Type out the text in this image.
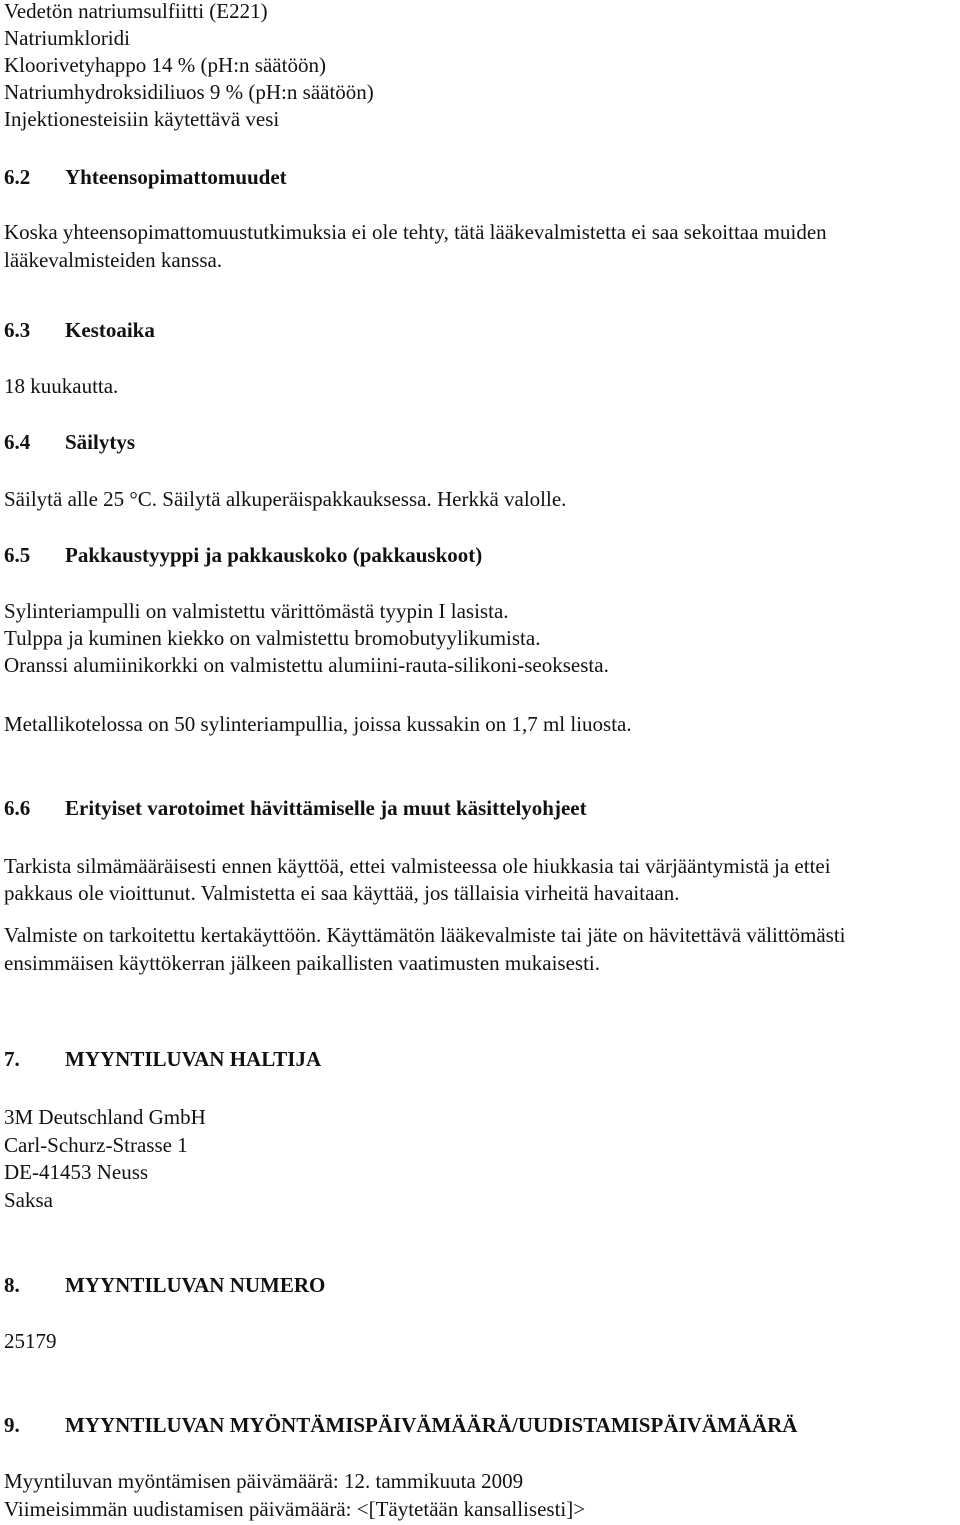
Vedetön natriumsulfiitti (E221)
Natriumkloridi
Kloorivetyhappo 14 % (pH:n säätöön)
Natriumhydroksidiliuos 9 % (pH:n säätöön)
Injektionesteisiin käytettävä vesi
6.2 Yhteensopimattomuudet
Koska yhteensopimattomuustutkimuksia ei ole tehty, tätä lääkevalmistetta ei saa sekoittaa muiden
lääkevalmisteiden kanssa.
6.3 Kestoaika
18 kuukautta.
6.4 Säilytys
Säilytä alle 25 °C. Säilytä alkuperäispakkauksessa. Herkkä valolle.
6.5 Pakkaustyyppi ja pakkauskoko (pakkauskoot)
Sylinteriampulli on valmistettu värittömästä tyypin I lasista.
Tulppa ja kuminen kiekko on valmistettu bromobutyylikumista.
Oranssi alumiinikorkki on valmistettu alumiini-rauta-silikoni-seoksesta.
Metallikotelossa on 50 sylinteriampullia, joissa kussakin on 1,7 ml liuosta.
6.6 Erityiset varotoimet hävittämiselle ja muut käsittelyohjeet
Tarkista silmämääräisesti ennen käyttöä, ettei valmisteessa ole hiukkasia tai värjääntymistä ja ettei
pakkaus ole vioittunut. Valmistetta ei saa käyttää, jos tällaisia virheitä havaitaan.
Valmiste on tarkoitettu kertakäyttöön. Käyttämätön lääkevalmiste tai jäte on hävitettävä välittömästi
ensimmäisen käyttökerran jälkeen paikallisten vaatimusten mukaisesti.
7. MYYNTILUVAN HALTIJA
3M Deutschland GmbH
Carl-Schurz-Strasse 1
DE-41453 Neuss
Saksa
8. MYYNTILUVAN NUMERO
25179
9. MYYNTILUVAN MYÖNTÄMISPÄIVÄMÄÄRÄ/UUDISTAMISPÄIVÄMÄÄRÄ
Myyntiluvan myöntämisen päivämäärä: 12. tammikuuta 2009
Viimeisimmän uudistamisen päivämäärä: <[Täytetään kansallisesti]>
